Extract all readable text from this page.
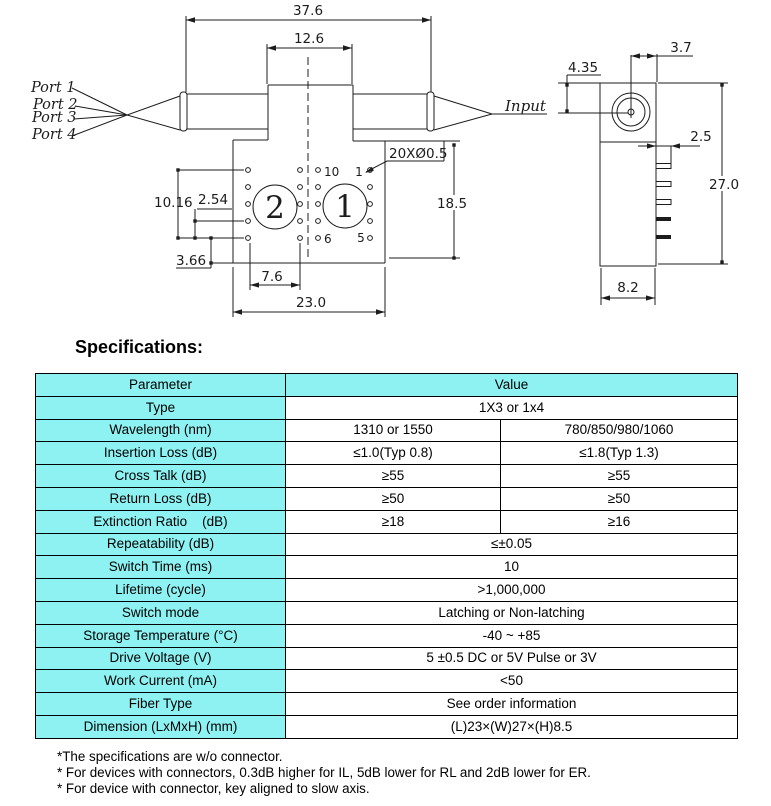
37.6
12.6
Port 1
Port 2
Port 3
Port 4
Input
2 1
10 1
6 5
20XØ0.5
10.16 2.54
3.66
7.6
23.0
18.5
3.7
4.35
2.5
27.0
8.2
Specifications:
Parameter	Value	
Type	1X3 or 1x4	
Wavelength (nm)	1310 or 1550	780/850/980/1060
Insertion Loss (dB)	≤1.0(Typ 0.8)	≤1.8(Typ 1.3)
Cross Talk (dB)	≥55	≥55
Return Loss (dB)	≥50	≥50
Extinction Ratio    (dB)	≥18	≥16
Repeatability (dB)	≤±0.05	
Switch Time (ms)	10	
Lifetime (cycle)	>1,000,000	
Switch mode	Latching or Non-latching	
Storage Temperature (°C)	-40 ~ +85	
Drive Voltage (V)	5 ±0.5 DC or 5V Pulse or 3V	
Work Current (mA)	<50	
Fiber Type	See order information	
Dimension (LxMxH) (mm)	(L)23×(W)27×(H)8.5	
*The specifications are w/o connector.
* For devices with connectors, 0.3dB higher for IL, 5dB lower for RL and 2dB lower for ER.
* For device with connector, key aligned to slow axis.
